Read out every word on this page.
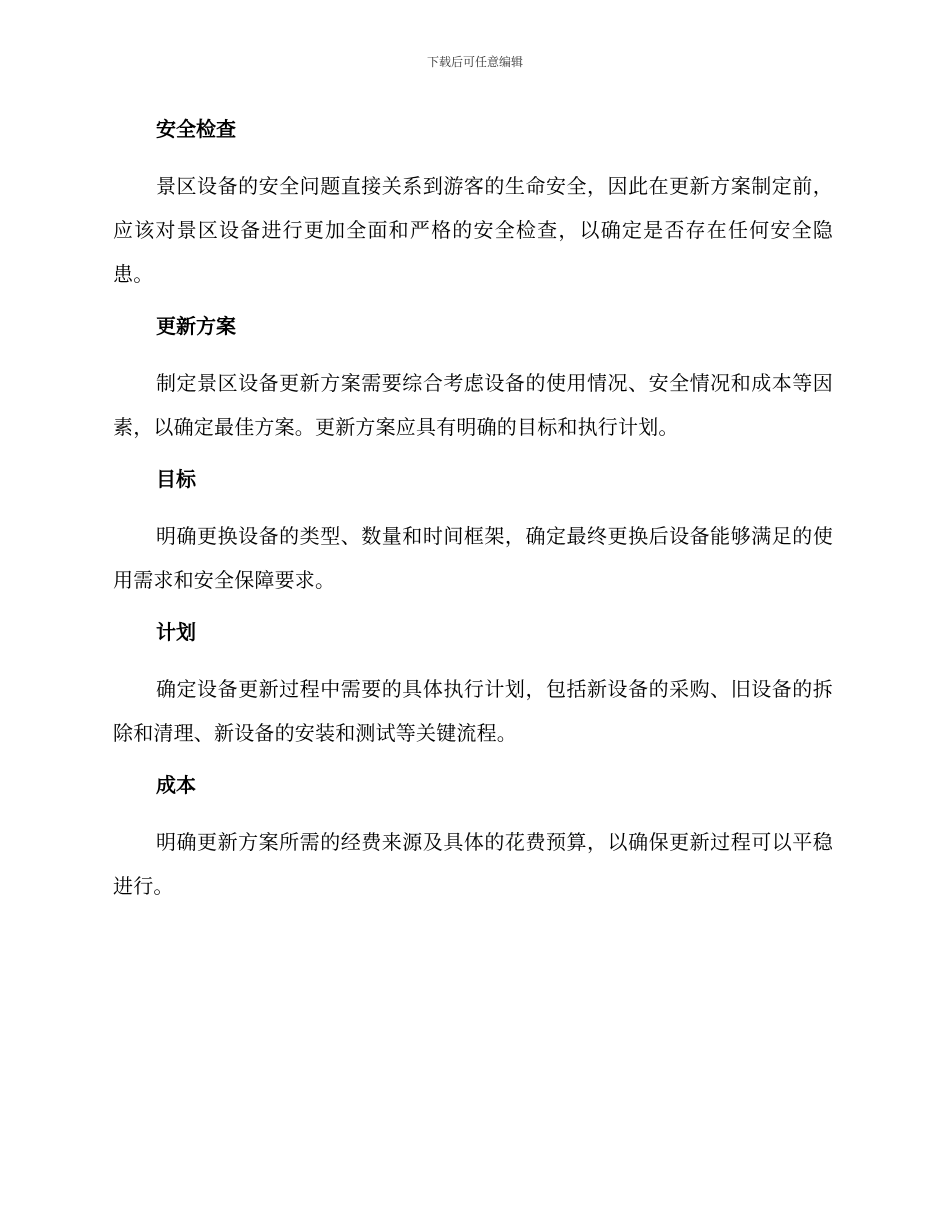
下载后可任意编辑
安全检查

景区设备的安全问题直接关系到游客的生命安全，因此在更新方案制定前，应该对景区设备进行更加全面和严格的安全检查，以确定是否存在任何安全隐患。

更新方案

制定景区设备更新方案需要综合考虑设备的使用情况、安全情况和成本等因素，以确定最佳方案。更新方案应具有明确的目标和执行计划。

目标

明确更换设备的类型、数量和时间框架，确定最终更换后设备能够满足的使用需求和安全保障要求。

计划

确定设备更新过程中需要的具体执行计划，包括新设备的采购、旧设备的拆除和清理、新设备的安装和测试等关键流程。

成本

明确更新方案所需的经费来源及具体的花费预算，以确保更新过程可以平稳进行。
